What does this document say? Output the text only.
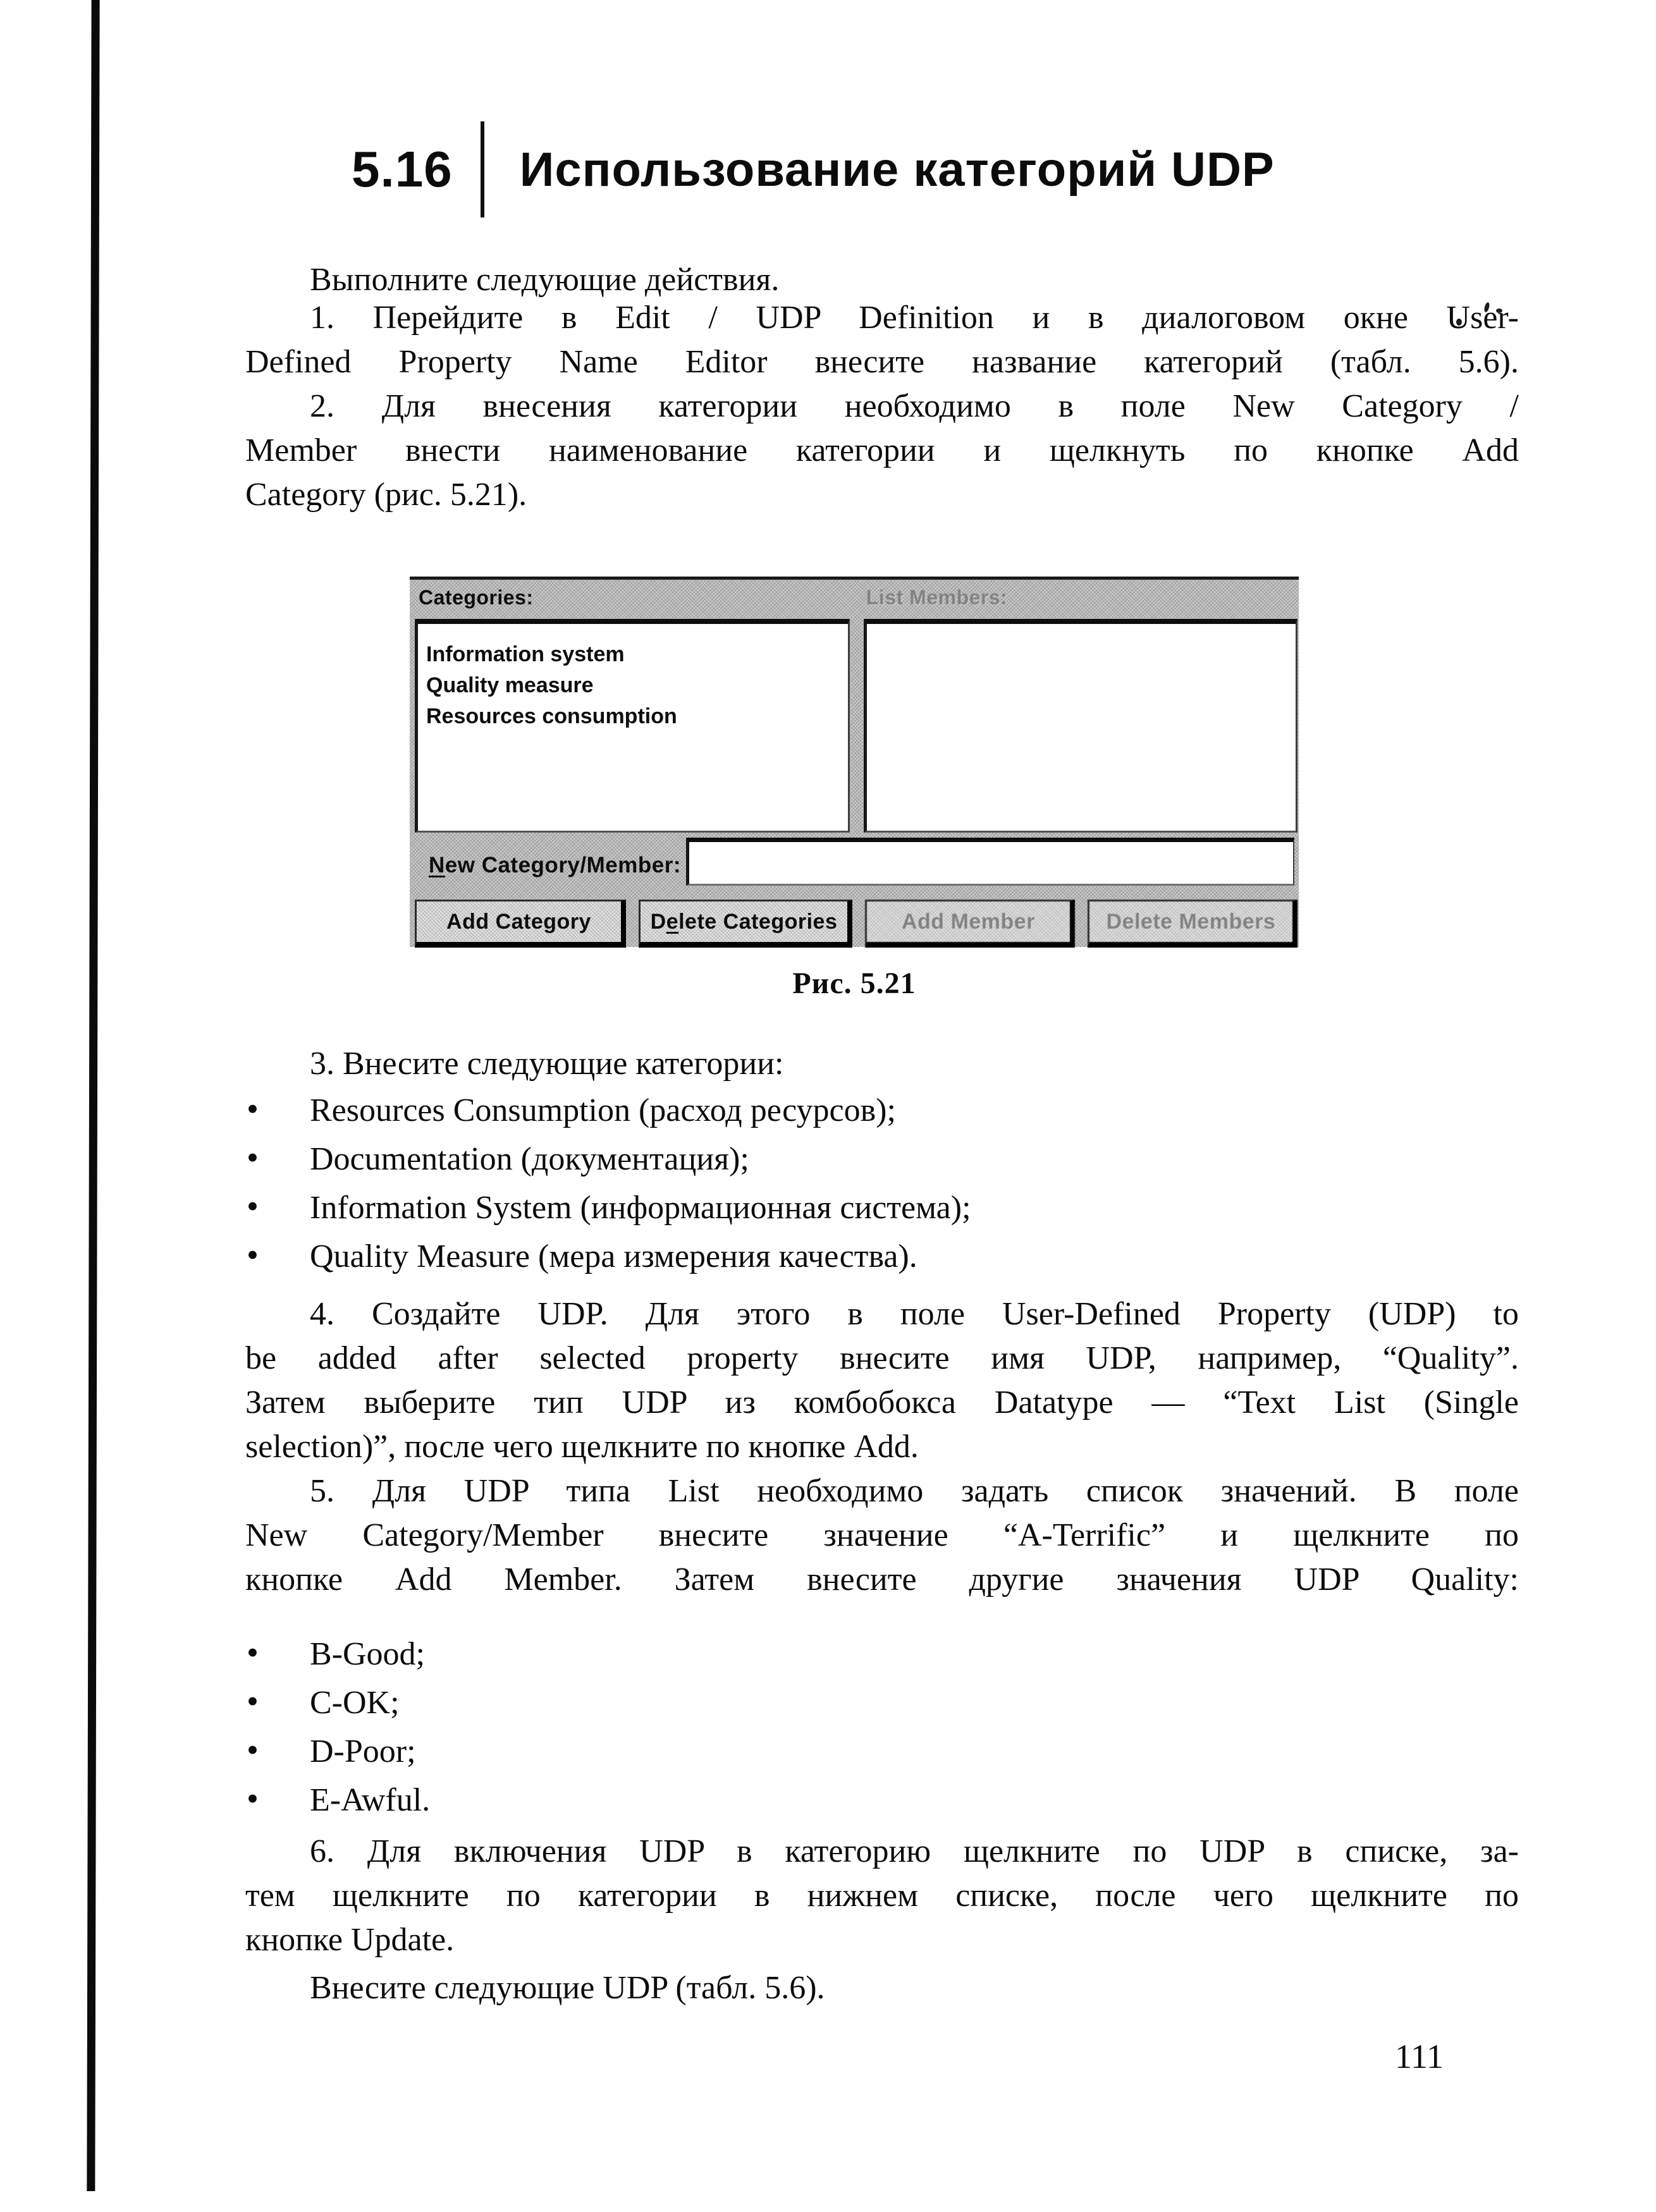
5.16 Использование категорий UDP
Выполните следующие действия.
1. Перейдите в Edit / UDP Definition и в диалоговом окне User-
Defined Property Name Editor внесите название категорий (табл. 5.6).
2. Для внесения категории необходимо в поле New Category /
Member внести наименование категории и щелкнуть по кнопке Add
Category (рис. 5.21).
Categories:	List Members:
Information system
Quality measure
Resources consumption
New Category/Member:
Add Category	Delete Categories	Add Member	Delete Members
Рис. 5.21
3. Внесите следующие категории:
• Resources Consumption (расход ресурсов);
• Documentation (документация);
• Information System (информационная система);
• Quality Measure (мера измерения качества).
4. Создайте UDP. Для этого в поле User-Defined Property (UDP) to
be added after selected property внесите имя UDP, например, “Quality”.
Затем выберите тип UDP из комбобокса Datatype — “Text List (Single
selection)”, после чего щелкните по кнопке Add.
5. Для UDP типа List необходимо задать список значений. В поле
New Category/Member внесите значение “A-Terrific” и щелкните по
кнопке Add Member. Затем внесите другие значения UDP Quality:
• B-Good;
• C-OK;
• D-Poor;
• E-Awful.
6. Для включения UDP в категорию щелкните по UDP в списке, за-
тем щелкните по категории в нижнем списке, после чего щелкните по
кнопке Update.
Внесите следующие UDP (табл. 5.6).
111
